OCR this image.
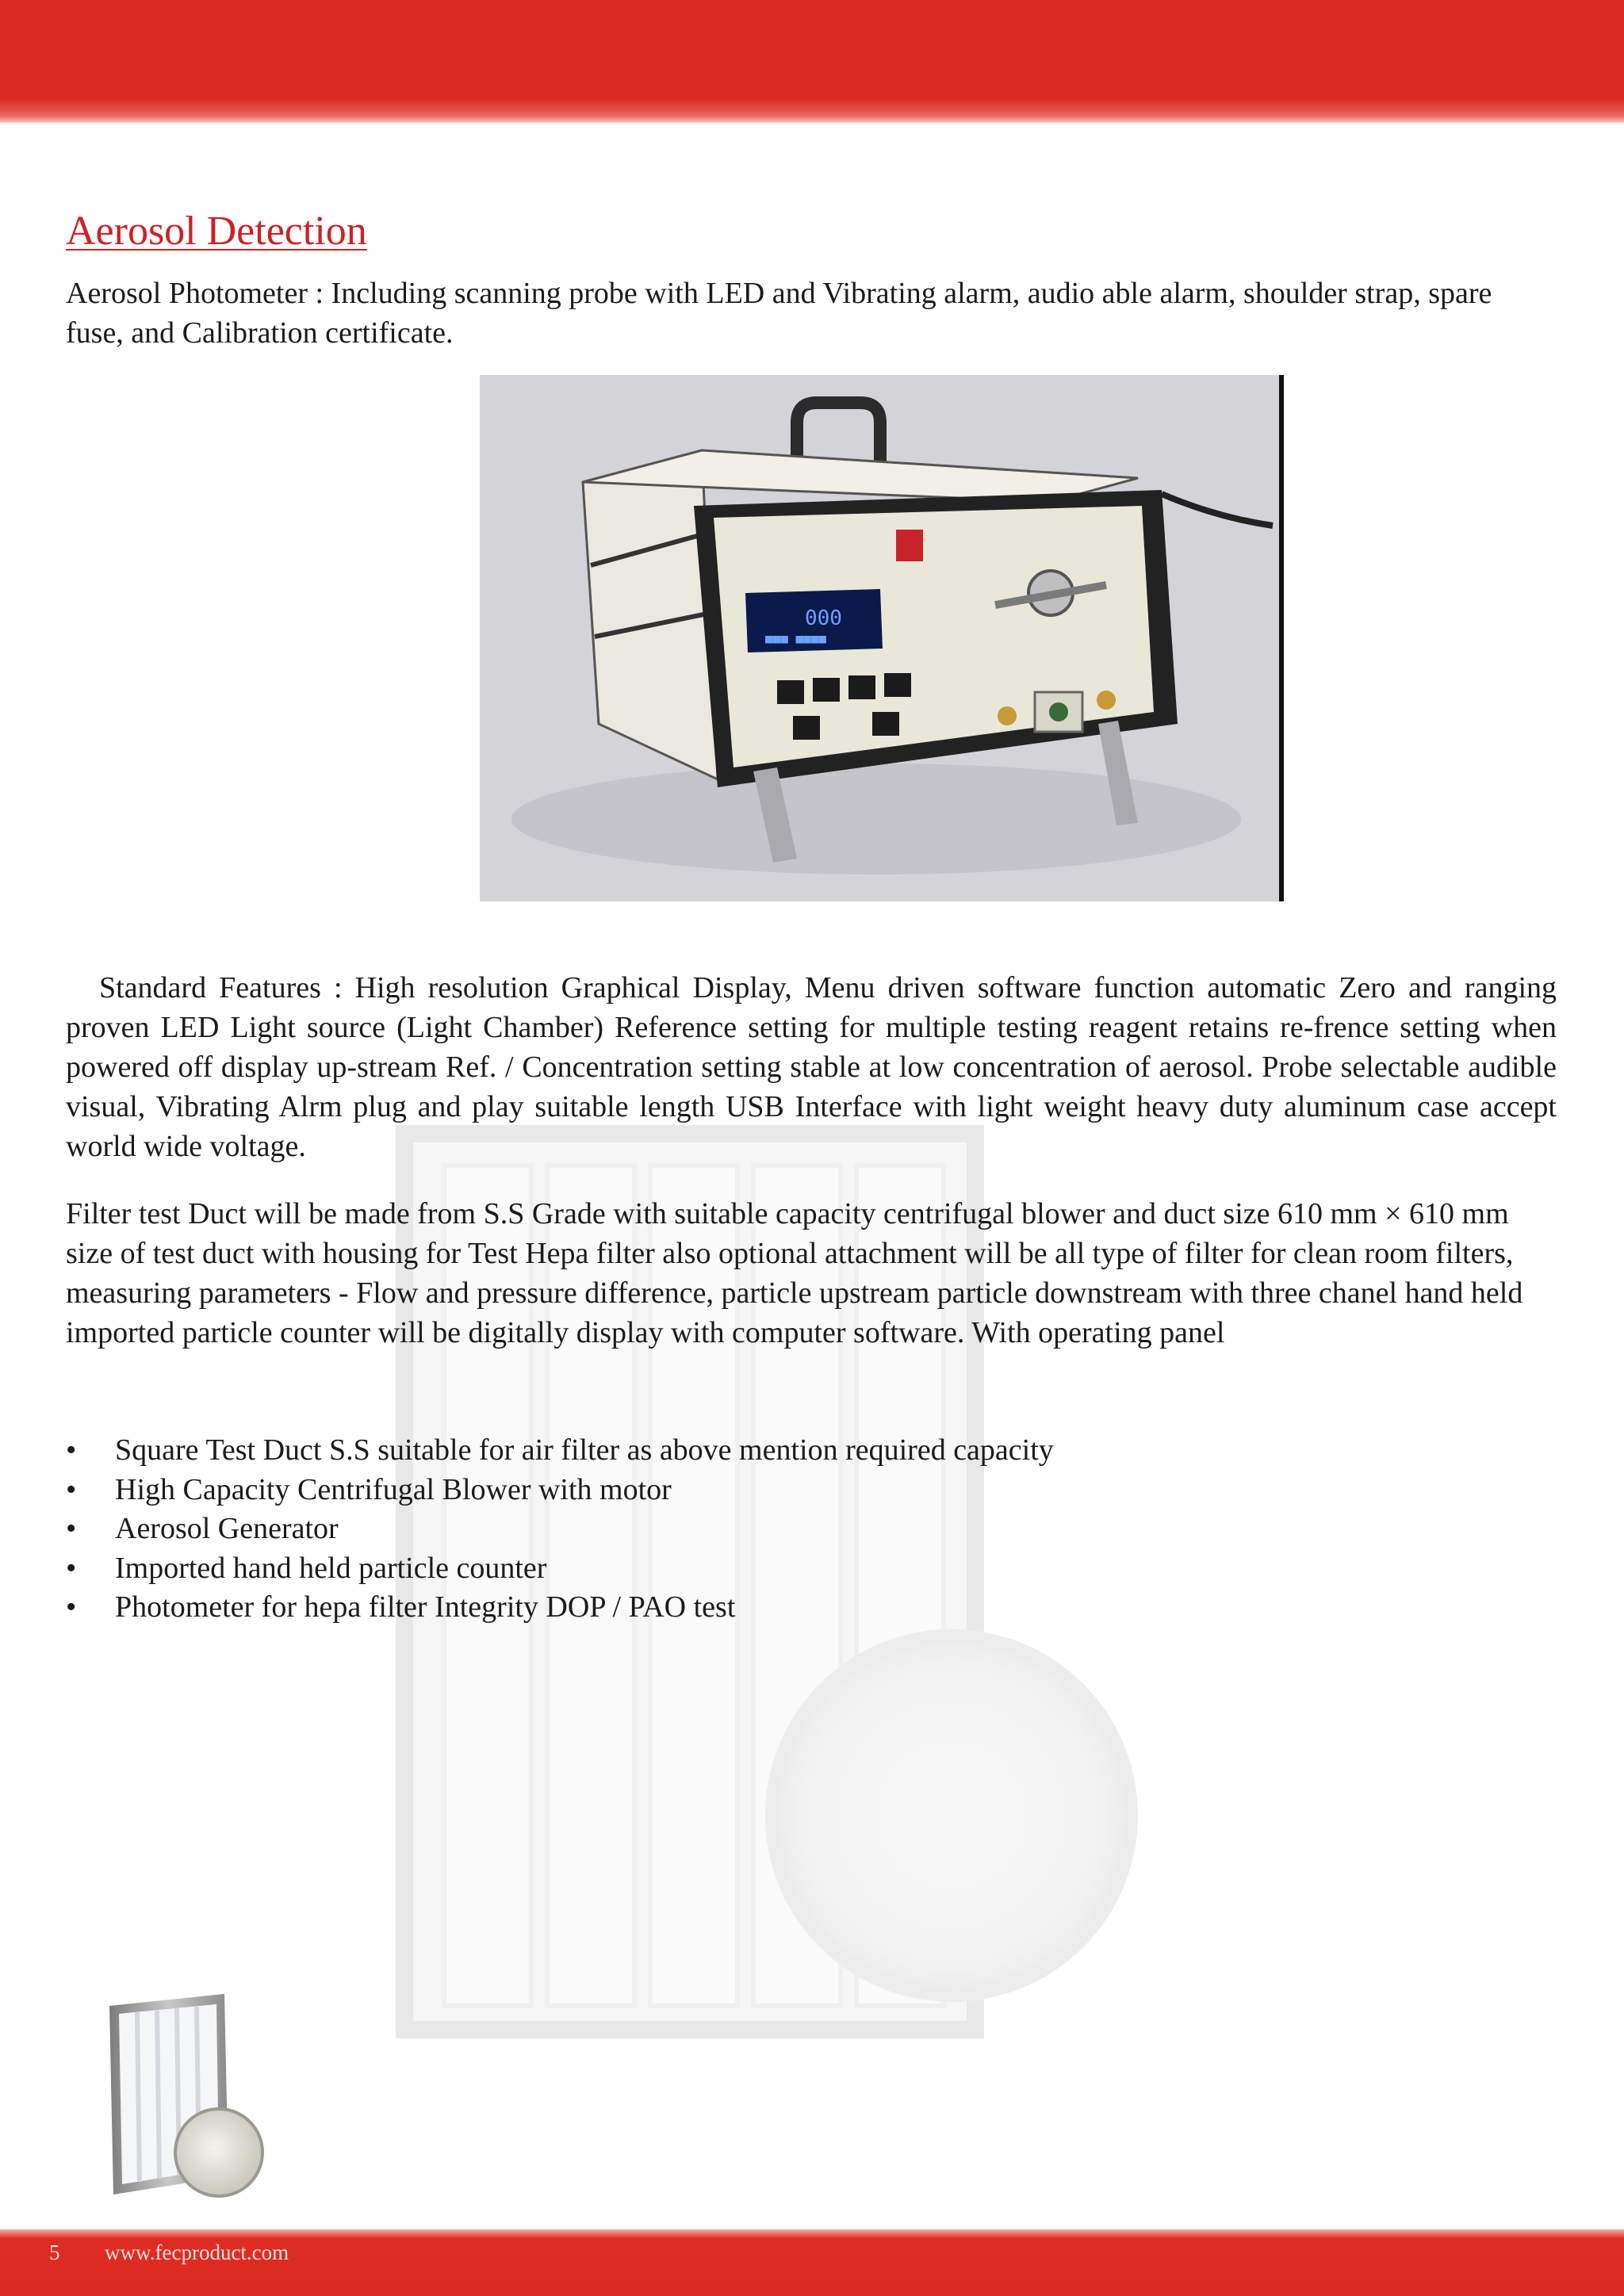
Aerosol Detection

Aerosol Photometer : Including scanning probe with LED and Vibrating alarm, audio able alarm, shoulder strap, spare fuse, and Calibration certificate.

000
■■■ ■■■■

Standard Features : High resolution Graphical Display, Menu driven software function automatic Zero and ranging proven LED Light source (Light Chamber) Reference setting for multiple testing reagent retains re-frence setting when powered off display up-stream Ref. / Concentration setting stable at low concentration of aerosol. Probe selectable audible visual, Vibrating Alrm plug and play suitable length USB Interface with light weight heavy duty aluminum case accept world wide voltage.

Filter test Duct will be made from S.S Grade with suitable capacity centrifugal blower and duct size 610 mm × 610 mm size of test duct with housing for Test Hepa filter also optional attachment will be all type of filter for clean room filters, measuring parameters - Flow and pressure difference, particle upstream particle downstream with three chanel hand held imported particle counter will be digitally display with computer software. With operating panel

• Square Test Duct S.S suitable for air filter as above mention required capacity
• High Capacity Centrifugal Blower with motor
• Aerosol Generator
• Imported hand held particle counter
• Photometer for hepa filter Integrity DOP / PAO test
5 www.fecproduct.com
